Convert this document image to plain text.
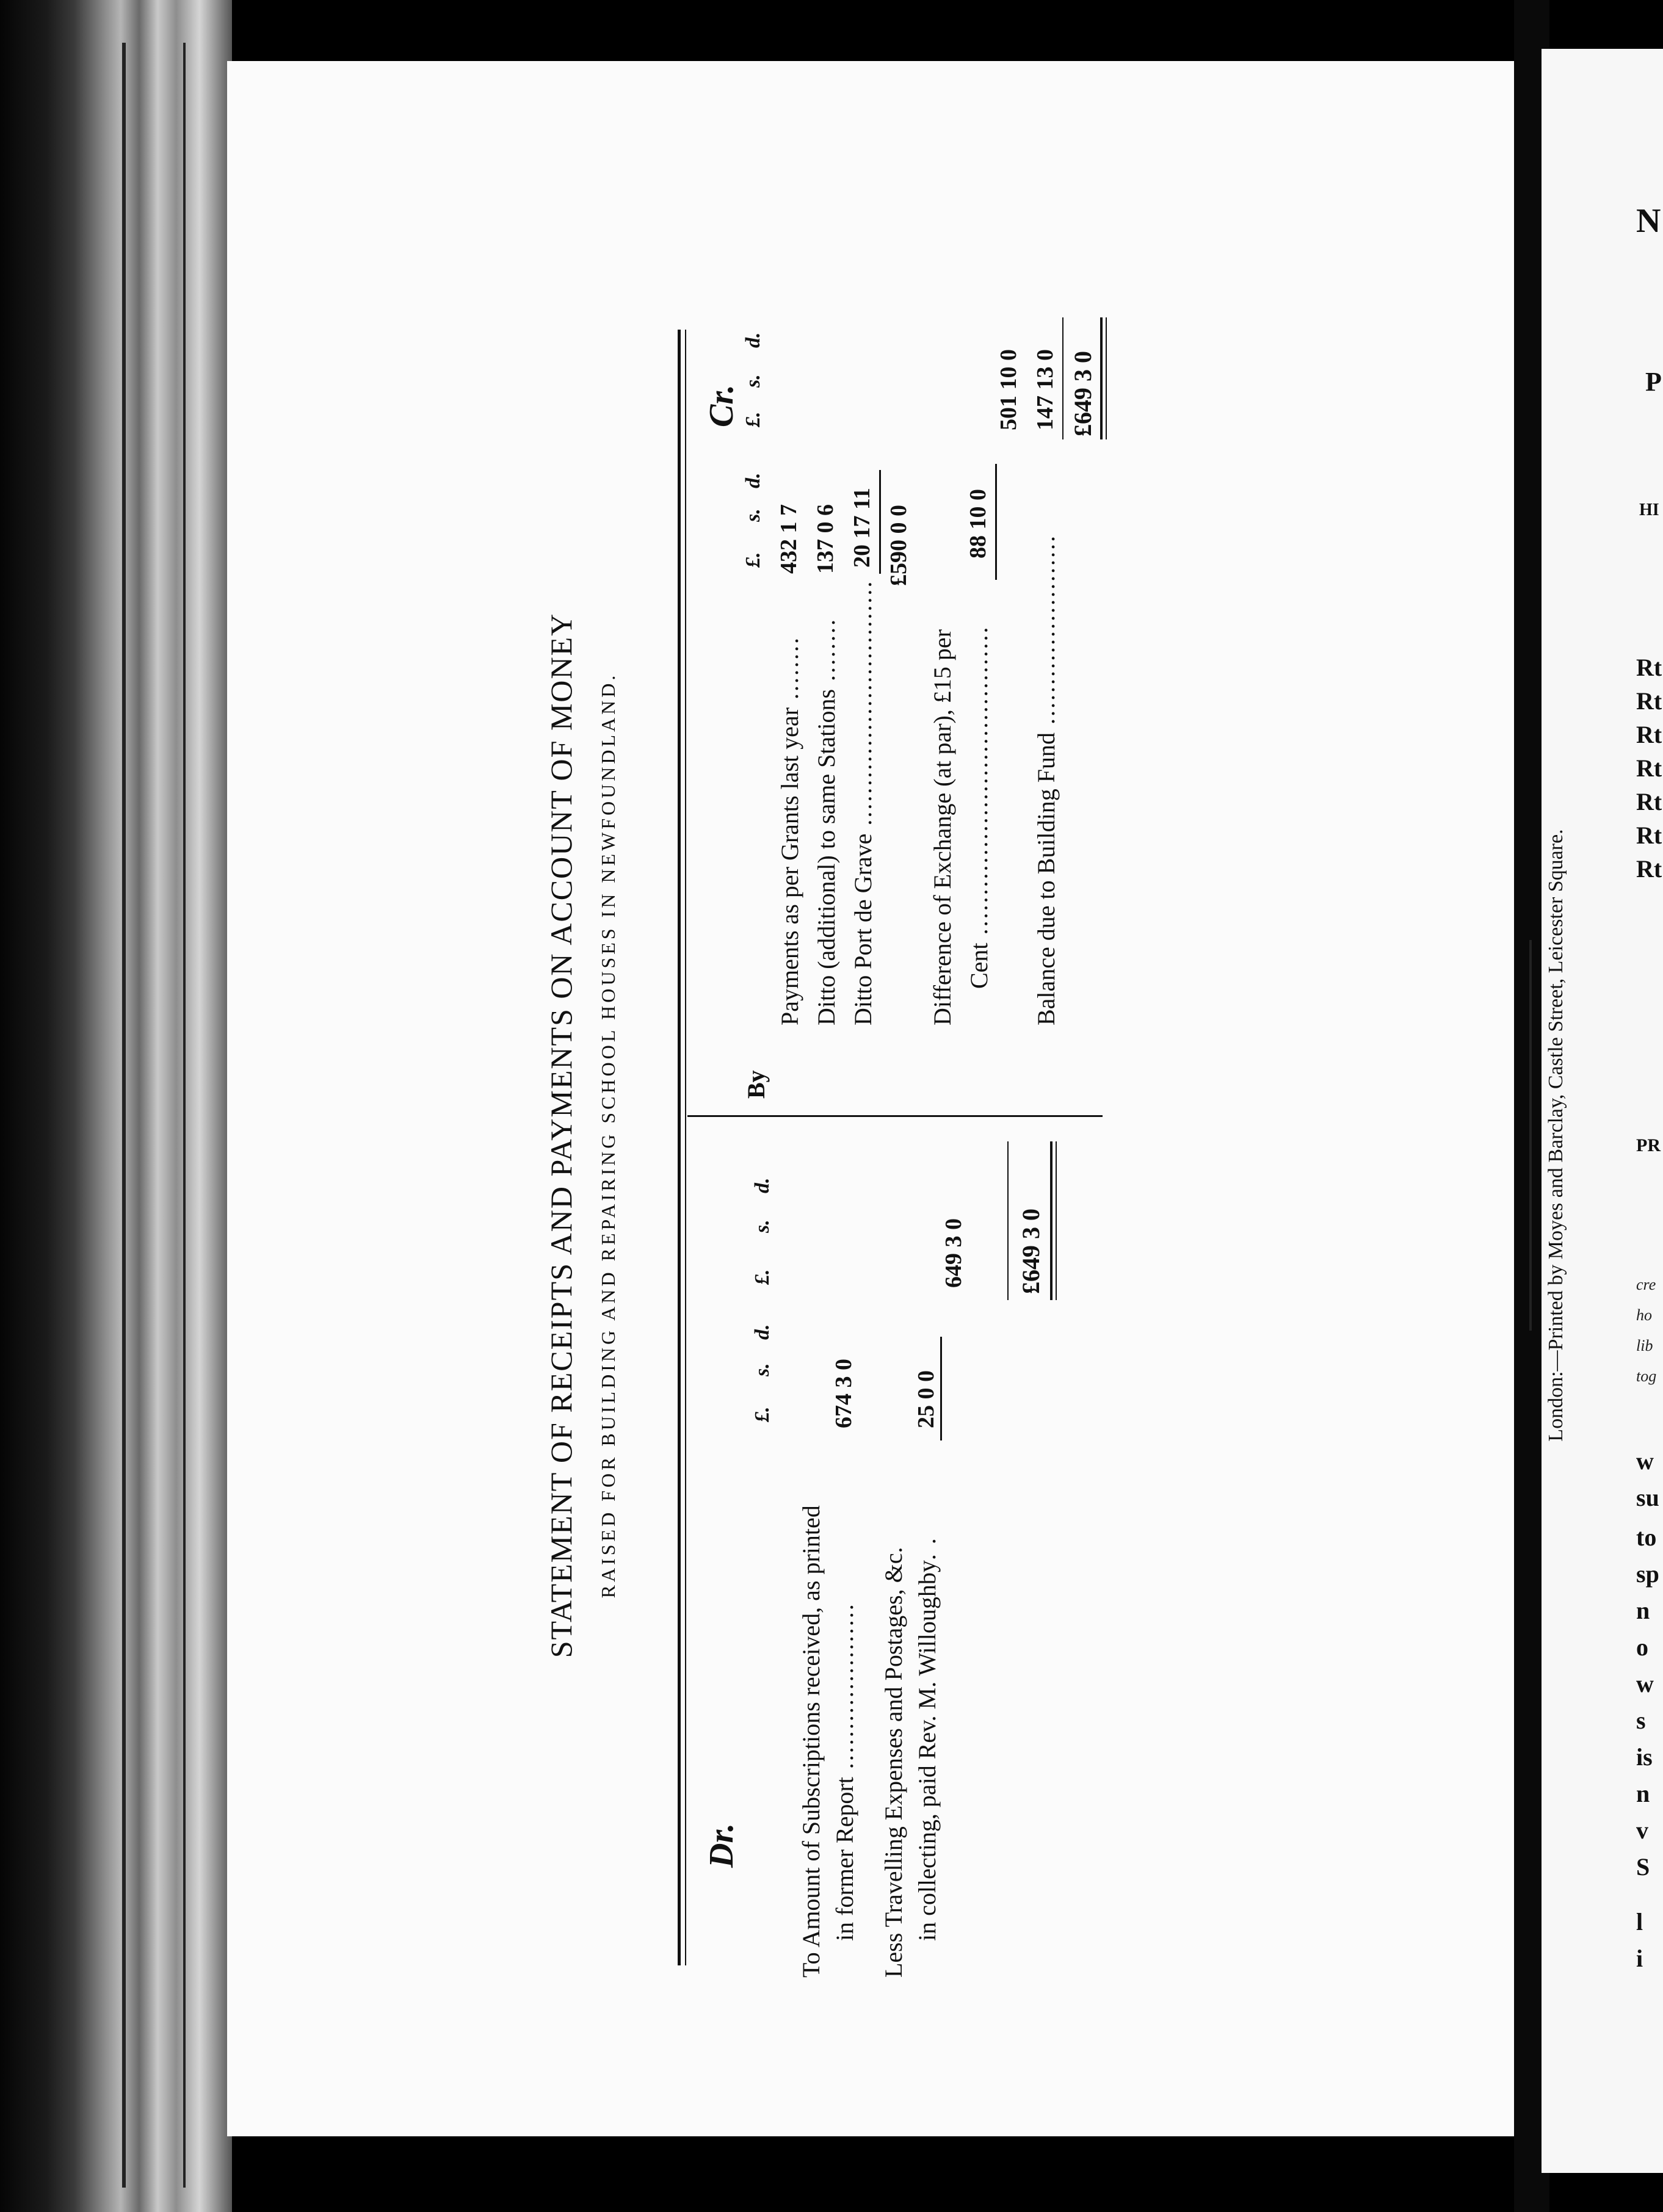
STATEMENT OF RECEIPTS AND PAYMENTS ON ACCOUNT OF MONEY RAISED FOR BUILDING AND REPAIRING SCHOOL HOUSES IN NEWFOUNDLAND.
Dr.
£.
s.
d.
£.
s.
d.
To Amount of Subscriptions received, as printed in former Report .....................
674 3 0
Less Travelling Expenses and Postages, &c. in collecting, paid Rev. M. Willoughby. .
25 0 0
649 3 0 £649 3 0
Cr.
By
£.
s.
d.
£.
s.
d.
Payments as per Grants last year ........
432 1 7
Ditto (additional) to same Stations ........
137 0 6
Ditto Port de Grave ...............................
20 17 11 £590 0 0
Difference of Exchange (at par), £15 per Cent .......................................
88 10 0
501 10 0
Balance due to Building Fund ........................
147 13 0 £649 3 0
London:—Printed by Moyes and Barclay, Castle Street, Leicester Square.
N
P
HI
Rt
Rt
Rt
Rt
Rt
Rt
Rt
PR
cre
ho
lib
tog
w
su
to
sp
n
o
w
s
is
n
v
S
l
i
